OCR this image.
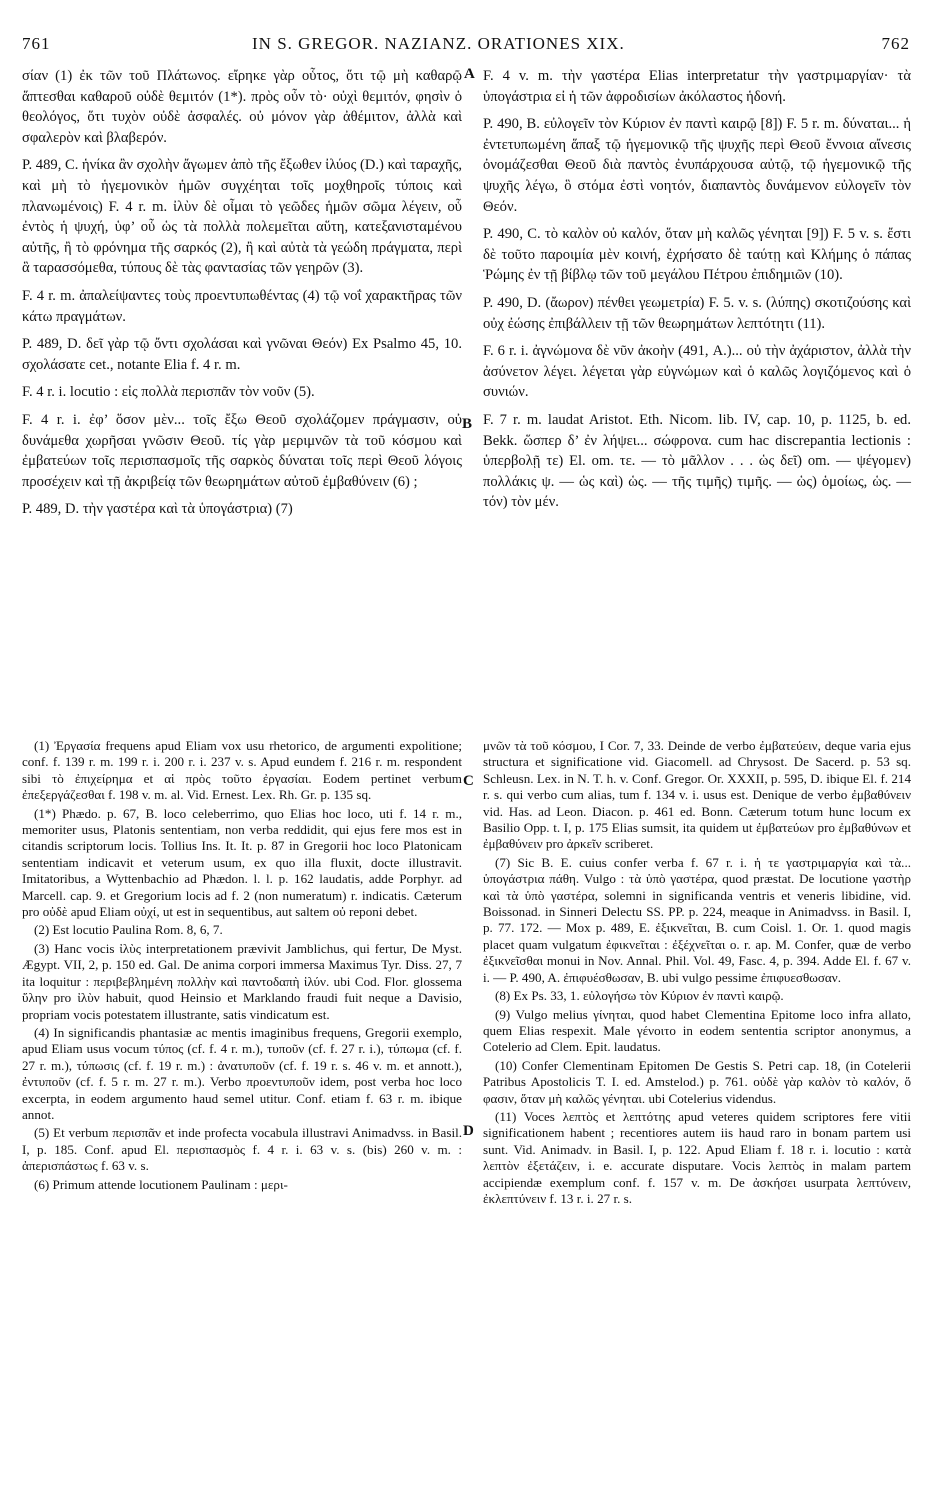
761	IN S. GREGOR. NAZIANZ. ORATIONES XIX.	762
A
B
C
D

σίαν (1) ἐκ τῶν τοῦ Πλάτωνος. εἴρηκε γὰρ οὗτος, ὅτι τῷ μὴ καθαρῷ ἅπτεσθαι καθαροῦ οὐδὲ θεμιτόν (1*). πρὸς οὖν τὸ· οὐχὶ θεμιτόν, φησὶν ὁ θεολόγος, ὅτι τυχὸν οὐδὲ ἀσφαλές. οὐ μόνον γὰρ ἀθέμιτον, ἀλλὰ καὶ σφαλερὸν καὶ βλαβερόν.

P. 489, C. ἡνίκα ἂν σχολὴν ἄγωμεν ἀπὸ τῆς ἔξωθεν ἰλύος (D.) καὶ ταραχῆς, καὶ μὴ τὸ ἡγεμονικὸν ἡμῶν συγχέηται τοῖς μοχθηροῖς τύποις καὶ πλανωμένοις) F. 4 r. m. ἰλὺν δὲ οἶμαι τὸ γεῶδες ἡμῶν σῶμα λέγειν, οὗ ἐντὸς ἡ ψυχή, ὑφ’ οὗ ὡς τὰ πολλὰ πολεμεῖται αὕτη, κατεξανισταμένου αὐτῆς, ἢ τὸ φρόνημα τῆς σαρκός (2), ἢ καὶ αὐτὰ τὰ γεώδη πράγματα, περὶ ἃ ταρασσόμεθα, τύπους δὲ τὰς φαντασίας τῶν γεηρῶν (3).

F. 4 r. m. ἀπαλείψαντες τοὺς προεντυπωθέντας (4) τῷ νοΐ χαρακτῆρας τῶν κάτω πραγμάτων.

P. 489, D. δεῖ γὰρ τῷ ὄντι σχολάσαι καὶ γνῶναι Θεόν) Ex Psalmo 45, 10. σχολάσατε cet., notante Elia f. 4 r. m.

F. 4 r. i. locutio : εἰς πολλὰ περισπᾶν τὸν νοῦν (5).

F. 4 r. i. ἐφ’ ὅσον μὲν... τοῖς ἔξω Θεοῦ σχολάζομεν πράγμασιν, οὐ δυνάμεθα χωρῆσαι γνῶσιν Θεοῦ. τίς γὰρ μεριμνῶν τὰ τοῦ κόσμου καὶ ἐμβατεύων τοῖς περισπασμοῖς τῆς σαρκὸς δύναται τοῖς περὶ Θεοῦ λόγοις προσέχειν καὶ τῇ ἀκριβείᾳ τῶν θεωρημάτων αὐτοῦ ἐμβαθύνειν (6) ;

P. 489, D. τὴν γαστέρα καὶ τὰ ὑπογάστρια) (7)

F. 4 v. m. τὴν γαστέρα Elias interpretatur τὴν γαστριμαργίαν· τὰ ὑπογάστρια εἰ ἡ τῶν ἀφροδισίων ἀκόλαστος ἡδονή.

P. 490, B. εὐλογεῖν τὸν Κύριον ἐν παντὶ καιρῷ [8]) F. 5 r. m. δύναται... ἡ ἐντετυπωμένη ἅπαξ τῷ ἡγεμονικῷ τῆς ψυχῆς περὶ Θεοῦ ἔννοια αἴνεσις ὀνομάζεσθαι Θεοῦ διὰ παντὸς ἐνυπάρχουσα αὐτῷ, τῷ ἡγεμονικῷ τῆς ψυχῆς λέγω, ὃ στόμα ἐστὶ νοητόν, διαπαντὸς δυνάμενον εὐλογεῖν τὸν Θεόν.

P. 490, C. τὸ καλὸν οὐ καλόν, ὅταν μὴ καλῶς γένηται [9]) F. 5 v. s. ἔστι δὲ τοῦτο παροιμία μὲν κοινή, ἐχρήσατο δὲ ταύτῃ καὶ Κλήμης ὁ πάπας Ῥώμης ἐν τῇ βίβλῳ τῶν τοῦ μεγάλου Πέτρου ἐπιδημιῶν (10).

P. 490, D. (ἄωρον) πένθει γεωμετρία) F. 5. v. s. (λύπης) σκοτιζούσης καὶ οὐχ ἐώσης ἐπιβάλλειν τῇ τῶν θεωρημάτων λεπτότητι (11).

F. 6 r. i. ἀγνώμονα δὲ νῦν ἀκοὴν (491, A.)... οὐ τὴν ἀχάριστον, ἀλλὰ τὴν ἀσύνετον λέγει. λέγεται γὰρ εὐγνώμων καὶ ὁ καλῶς λογιζόμενος καὶ ὁ συνιών.

F. 7 r. m. laudat Aristot. Eth. Nicom. lib. IV, cap. 10, p. 1125, b. ed. Bekk. ὥσπερ δ’ ἐν λήψει... σώφρονα. cum hac discrepantia lectionis : ὑπερβολῇ τε) El. om. τε. — τὸ μᾶλλον . . . ὡς δεῖ) om. — ψέγομεν) πολλάκις ψ. — ὡς καὶ) ὡς. — τῆς τιμῆς) τιμῆς. — ὡς) ὁμοίως, ὡς. — τόν) τὸν μέν.

(1) Ἐργασία frequens apud Eliam vox usu rhetorico, de argumenti expolitione; conf. f. 139 r. m. 199 r. i. 200 r. i. 237 v. s. Apud eundem f. 216 r. m. respondent sibi τὸ ἐπιχείρημα et αἱ πρὸς τοῦτο ἐργασίαι. Eodem pertinet verbum ἐπεξεργάζεσθαι f. 198 v. m. al. Vid. Ernest. Lex. Rh. Gr. p. 135 sq.

(1*) Phædo. p. 67, B. loco celeberrimo, quo Elias hoc loco, uti f. 14 r. m., memoriter usus, Platonis sententiam, non verba reddidit, qui ejus fere mos est in citandis scriptorum locis. Tollius Ins. It. It. p. 87 in Gregorii hoc loco Platonicam sententiam indicavit et veterum usum, ex quo illa fluxit, docte illustravit. Imitatoribus, a Wyttenbachio ad Phædon. l. l. p. 162 laudatis, adde Porphyr. ad Marcell. cap. 9. et Gregorium locis ad f. 2 (non numeratum) r. indicatis. Cæterum pro οὐδὲ apud Eliam οὐχί, ut est in sequentibus, aut saltem οὐ reponi debet.

(2) Est locutio Paulina Rom. 8, 6, 7.

(3) Hanc vocis ἰλὺς interpretationem prævivit Jamblichus, qui fertur, De Myst. Ægypt. VII, 2, p. 150 ed. Gal. De anima corpori immersa Maximus Tyr. Diss. 27, 7 ita loquitur : περιβεβλημένη πολλὴν καὶ παντοδαπὴ ἰλύν. ubi Cod. Flor. glossema ὕλην pro ἰλὺν habuit, quod Heinsio et Marklando fraudi fuit neque a Davisio, propriam vocis potestatem illustrante, satis vindicatum est.

(4) In significandis phantasiæ ac mentis imaginibus frequens, Gregorii exemplo, apud Eliam usus vocum τύπος (cf. f. 4 r. m.), τυποῦν (cf. f. 27 r. i.), τύπωμα (cf. f. 27 r. m.), τύπωσις (cf. f. 19 r. m.) : ἀνατυποῦν (cf. f. 19 r. s. 46 v. m. et annott.), ἐντυποῦν (cf. f. 5 r. m. 27 r. m.). Verbo προεντυποῦν idem, post verba hoc loco excerpta, in eodem argumento haud semel utitur. Conf. etiam f. 63 r. m. ibique annot.

(5) Et verbum περισπᾶν et inde profecta vocabula illustravi Animadvss. in Basil. I, p. 185. Conf. apud El. περισπασμὸς f. 4 r. i. 63 v. s. (bis) 260 v. m. : ἀπερισπάστως f. 63 v. s.

(6) Primum attende locutionem Paulinam : μερι-

μνῶν τὰ τοῦ κόσμου, I Cor. 7, 33. Deinde de verbo ἐμβατεύειν, deque varia ejus structura et significatione vid. Giacomell. ad Chrysost. De Sacerd. p. 53 sq. Schleusn. Lex. in N. T. h. v. Conf. Gregor. Or. XXXII, p. 595, D. ibique El. f. 214 r. s. qui verbo cum alias, tum f. 134 v. i. usus est. Denique de verbo ἐμβαθύνειν vid. Has. ad Leon. Diacon. p. 461 ed. Bonn. Cæterum totum hunc locum ex Basilio Opp. t. I, p. 175 Elias sumsit, ita quidem ut ἐμβατεύων pro ἐμβαθύνων et ἐμβαθύνειν pro ἀρκεῖν scriberet.

(7) Sic B. E. cuius confer verba f. 67 r. i. ἡ τε γαστριμαργία καὶ τὰ... ὑπογάστρια πάθη. Vulgo : τὰ ὑπὸ γαστέρα, quod præstat. De locutione γαστὴρ καὶ τὰ ὑπὸ γαστέρα, solemni in significanda ventris et veneris libidine, vid. Boissonad. in Sinneri Delectu SS. PP. p. 224, meaque in Animadvss. in Basil. I, p. 77. 172. — Mox p. 489, E. ἐξικνεῖται, B. cum Coisl. 1. Or. 1. quod magis placet quam vulgatum ἐφικνεῖται : ἐξέχνεῖται o. r. ap. M. Confer, quæ de verbo ἐξικνεῖσθαι monui in Nov. Annal. Phil. Vol. 49, Fasc. 4, p. 394. Adde El. f. 67 v. i. — P. 490, A. ἐπιφυέσθωσαν, B. ubi vulgo pessime ἐπιφυεσθωσαν.

(8) Ex Ps. 33, 1. εὐλογήσω τὸν Κύριον ἐν παντὶ καιρῷ.

(9) Vulgo melius γίνηται, quod habet Clementina Epitome loco infra allato, quem Elias respexit. Male γένοιτο in eodem sententia scriptor anonymus, a Cotelerio ad Clem. Epit. laudatus.

(10) Confer Clementinam Epitomen De Gestis S. Petri cap. 18, (in Cotelerii Patribus Apostolicis T. I. ed. Amstelod.) p. 761. οὐδὲ γὰρ καλὸν τὸ καλόν, ὅ φασιν, ὅταν μὴ καλῶς γένηται. ubi Cotelerius videndus.

(11) Voces λεπτὸς et λεπτότης apud veteres quidem scriptores fere vitii significationem habent ; recentiores autem iis haud raro in bonam partem usi sunt. Vid. Animadv. in Basil. I, p. 122. Apud Eliam f. 18 r. i. locutio : κατὰ λεπτὸν ἐξετάζειν, i. e. accurate disputare. Vocis λεπτὸς in malam partem accipiendæ exemplum conf. f. 157 v. m. De ἀσκήσει usurpata λεπτύνειν, ἐκλεπτύνειν f. 13 r. i. 27 r. s.
